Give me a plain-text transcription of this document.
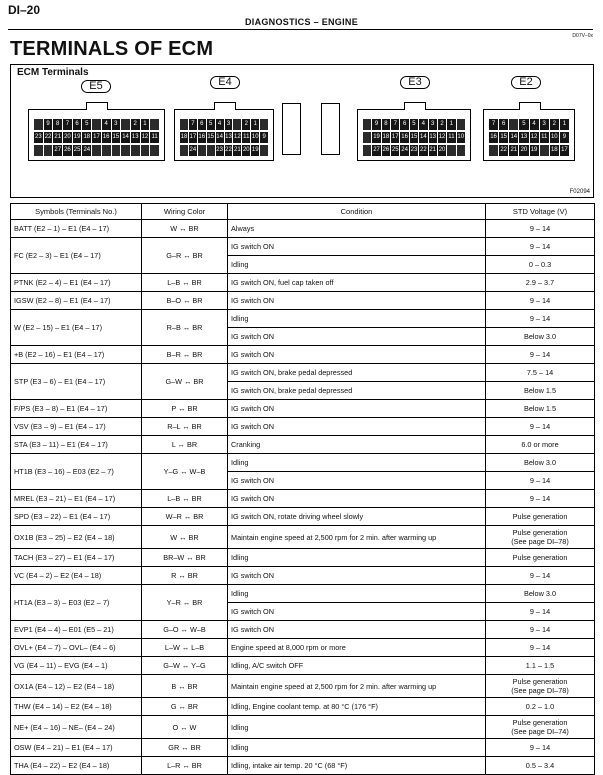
DI–20
DIAGNOSTICS – ENGINE
D07V–0x
TERMINALS OF ECM
ECM Terminals
E5	E4	E3	E2
9	8	7	6	5	4	3	2	1
23 22 21 20 19 18 17 16 15 14 13 12 11
27 26 25 24
7 6 5 4 3	2 1
18 17 16 15 14 13 12 11 10 9
24	23 22 21 20 19
9	8	7	6	5	4	3	2	1
19 18 17 16 15 14 13 12 11 10
27 26 25 24 23 22 21 20
7	6	5	4	3	2	1
16 15 14 13 12 11 10 9
22 21 20 19 18 17
F02094
Symbols (Terminals No.)	Wiring Color	Condition	STD Voltage (V)
BATT (E2 – 1) – E1 (E4 – 17)	W ↔ BR	Always	9 – 14
FC (E2 – 3) – E1 (E4 – 17)	G–R ↔ BR	IG switch ON	9 – 14
		Idling	0 – 0.3
PTNK (E2 – 4) – E1 (E4 – 17)	L–B ↔ BR	IG switch ON, fuel cap taken off	2.9 – 3.7
IGSW (E2 – 8) – E1 (E4 – 17)	B–O ↔ BR	IG switch ON	9 – 14
W (E2 – 15) – E1 (E4 – 17)	R–B ↔ BR	Idling	9 – 14
		IG switch ON	Below 3.0
+B (E2 – 16) – E1 (E4 – 17)	B–R ↔ BR	IG switch ON	9 – 14
STP (E3 – 6) – E1 (E4 – 17)	G–W ↔ BR	IG switch ON, brake pedal depressed	7.5 – 14
		IG switch ON, brake pedal depressed	Below 1.5
F/PS (E3 – 8) – E1 (E4 – 17)	P ↔ BR	IG switch ON	Below 1.5
VSV (E3 – 9) – E1 (E4 – 17)	R–L ↔ BR	IG switch ON	9 – 14
STA (E3 – 11) – E1 (E4 – 17)	L ↔ BR	Cranking	6.0 or more
HT1B (E3 – 16) – E03 (E2 – 7)	Y–G ↔ W–B	Idling	Below 3.0
		IG switch ON	9 – 14
MREL (E3 – 21) – E1 (E4 – 17)	L–B ↔ BR	IG switch ON	9 – 14
SPD (E3 – 22) – E1 (E4 – 17)	W–R ↔ BR	IG switch ON, rotate driving wheel slowly	Pulse generation
OX1B (E3 – 25) – E2 (E4 – 18)	W ↔ BR	Maintain engine speed at 2,500 rpm for 2 min. after warming up	Pulse generation
(See page DI–78)

TACH (E3 – 27) – E1 (E4 – 17)	BR–W ↔ BR	Idling	Pulse generation
VC (E4 – 2) – E2 (E4 – 18)	R ↔ BR	IG switch ON	9 – 14
HT1A (E3 – 3) – E03 (E2 – 7)	Y–R ↔ BR	Idling	Below 3.0
		IG switch ON	9 – 14
EVP1 (E4 – 4) – E01 (E5 – 21)	G–O ↔ W–B	IG switch ON	9 – 14
OVL+ (E4 – 7) – OVL– (E4 – 6)	L–W ↔ L–B	Engine speed at 8,000 rpm or more	9 – 14
VG (E4 – 11) – EVG (E4 – 1)	G–W ↔ Y–G	Idling, A/C switch OFF	1.1 – 1.5
OX1A (E4 – 12) – E2 (E4 – 18)	B ↔ BR	Maintain engine speed at 2,500 rpm for 2 min. after warming up	Pulse generation
(See page DI–78)

THW (E4 – 14) – E2 (E4 – 18)	G ↔ BR	Idling, Engine coolant temp. at 80 °C (176 °F)	0.2 – 1.0
NE+ (E4 – 16) – NE– (E4 – 24)	O ↔ W	Idling	Pulse generation
(See page DI–74)

OSW (E4 – 21) – E1 (E4 – 17)	GR ↔ BR	Idling	9 – 14
THA (E4 – 22) – E2 (E4 – 18)	L–R ↔ BR	Idling, intake air temp. 20 °C (68 °F)	0.5 – 3.4
